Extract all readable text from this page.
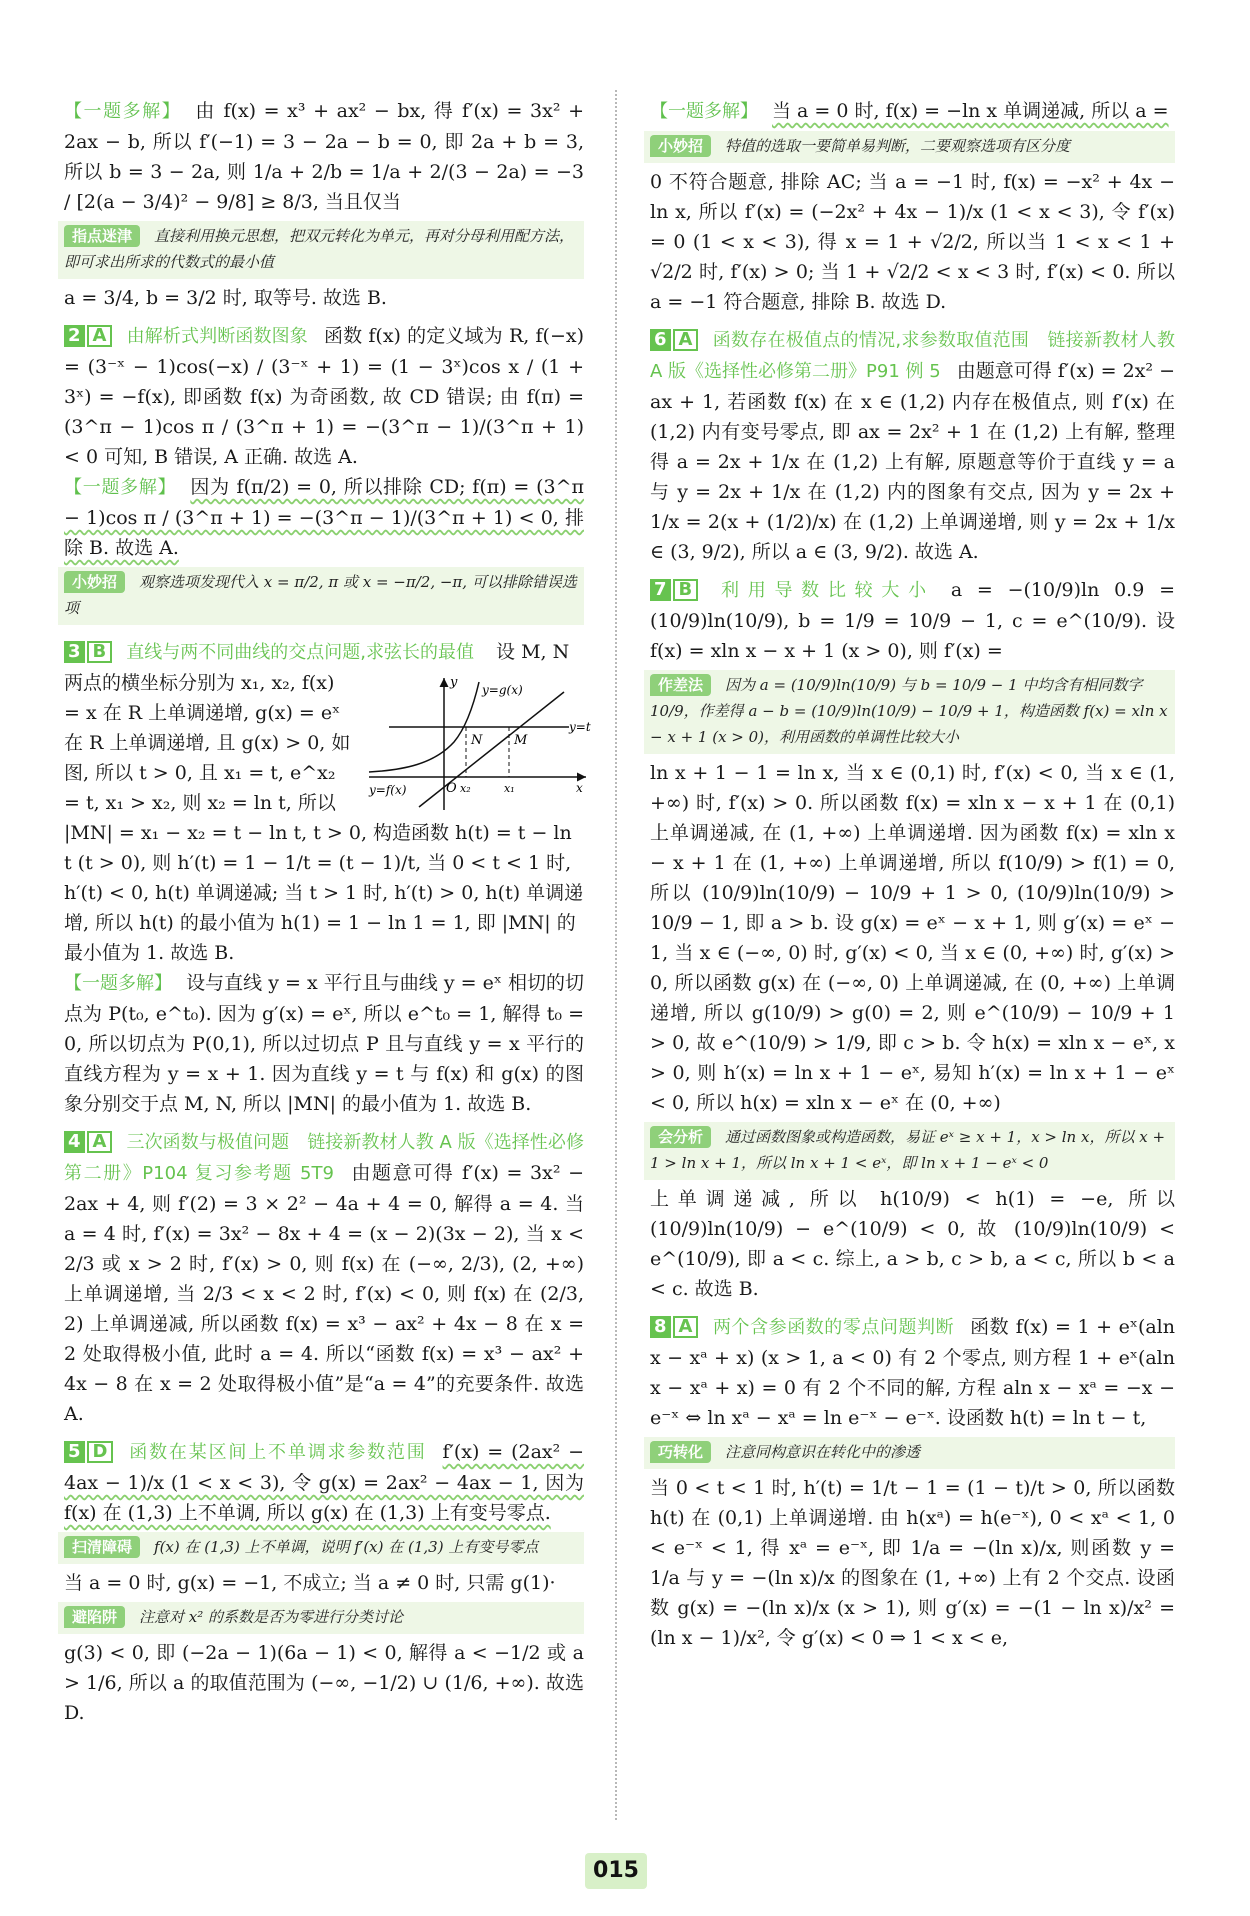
【一题多解】 由 f(x) = x³ + ax² − bx, 得 f′(x) = 3x² + 2ax − b, 所以 f′(−1) = 3 − 2a − b = 0, 即 2a + b = 3, 所以 b = 3 − 2a, 则 1/a + 2/b = 1/a + 2/(3 − 2a) = −3 / [2(a − 3/4)² − 9/8] ≥ 8/3, 当且仅当

指点迷津 直接利用换元思想，把双元转化为单元，再对分母利用配方法，即可求出所求的代数式的最小值

a = 3/4, b = 3/2 时, 取等号. 故选 B.

2 A	由解析式判断函数图象 函数 f(x) 的定义域为 R, f(−x) = (3⁻ˣ − 1)cos(−x) / (3⁻ˣ + 1) = (1 − 3ˣ)cos x / (1 + 3ˣ) = −f(x), 即函数 f(x) 为奇函数, 故 CD 错误; 由 f(π) = (3^π − 1)cos π / (3^π + 1) = −(3^π − 1)/(3^π + 1) < 0 可知, B 错误, A 正确. 故选 A.

【一题多解】 因为 f(π/2) = 0, 所以排除 CD; f(π) = (3^π − 1)cos π / (3^π + 1) = −(3^π − 1)/(3^π + 1) < 0, 排除 B. 故选 A.

小妙招 观察选项发现代入 x = π/2, π 或 x = −π/2, −π, 可以排除错误选项
3 B	直线与两不同曲线的交点问题,求弦长的最值
y y=g(x)
y=t
N M
O x₂	x₁	x
y=f(x)

设 M, N 两点的横坐标分别为 x₁, x₂, f(x) = x 在 R 上单调递增, g(x) = eˣ 在 R 上单调递增, 且 g(x) > 0, 如图, 所以 t > 0, 且 x₁ = t, e^x₂ = t, x₁ > x₂, 则 x₂ = ln t, 所以 |MN| = x₁ − x₂ = t − ln t, t > 0, 构造函数 h(t) = t − ln t (t > 0), 则 h′(t) = 1 − 1/t = (t − 1)/t, 当 0 < t < 1 时, h′(t) < 0, h(t) 单调递减; 当 t > 1 时, h′(t) > 0, h(t) 单调递增, 所以 h(t) 的最小值为 h(1) = 1 − ln 1 = 1, 即 |MN| 的最小值为 1. 故选 B.

【一题多解】 设与直线 y = x 平行且与曲线 y = eˣ 相切的切点为 P(t₀, e^t₀). 因为 g′(x) = eˣ, 所以 e^t₀ = 1, 解得 t₀ = 0, 所以切点为 P(0,1), 所以过切点 P 且与直线 y = x 平行的直线方程为 y = x + 1. 因为直线 y = t 与 f(x) 和 g(x) 的图象分别交于点 M, N, 所以 |MN| 的最小值为 1. 故选 B.

4 A	三次函数与极值问题　链接新教材人教 A 版《选择性必修第二册》P104 复习参考题 5T9 由题意可得 f′(x) = 3x² − 2ax + 4, 则 f′(2) = 3 × 2² − 4a + 4 = 0, 解得 a = 4. 当 a = 4 时, f′(x) = 3x² − 8x + 4 = (x − 2)(3x − 2), 当 x < 2/3 或 x > 2 时, f′(x) > 0, 则 f(x) 在 (−∞, 2/3), (2, +∞) 上单调递增, 当 2/3 < x < 2 时, f′(x) < 0, 则 f(x) 在 (2/3, 2) 上单调递减, 所以函数 f(x) = x³ − ax² + 4x − 8 在 x = 2 处取得极小值, 此时 a = 4. 所以“函数 f(x) = x³ − ax² + 4x − 8 在 x = 2 处取得极小值”是“a = 4”的充要条件. 故选 A.

5 D	函数在某区间上不单调求参数范围 f′(x) = (2ax² − 4ax − 1)/x (1 < x < 3), 令 g(x) = 2ax² − 4ax − 1, 因为 f(x) 在 (1,3) 上不单调, 所以 g(x) 在 (1,3) 上有变号零点.

扫清障碍 f(x) 在 (1,3) 上不单调，说明 f′(x) 在 (1,3) 上有变号零点

当 a = 0 时, g(x) = −1, 不成立; 当 a ≠ 0 时, 只需 g(1)·

避陷阱 注意对 x² 的系数是否为零进行分类讨论

g(3) < 0, 即 (−2a − 1)(6a − 1) < 0, 解得 a < −1/2 或 a > 1/6, 所以 a 的取值范围为 (−∞, −1/2) ∪ (1/6, +∞). 故选 D.

【一题多解】 当 a = 0 时, f(x) = −ln x 单调递减, 所以 a =

小妙招 特值的选取一要简单易判断，二要观察选项有区分度

0 不符合题意, 排除 AC; 当 a = −1 时, f(x) = −x² + 4x − ln x, 所以 f′(x) = (−2x² + 4x − 1)/x (1 < x < 3), 令 f′(x) = 0 (1 < x < 3), 得 x = 1 + √2/2, 所以当 1 < x < 1 + √2/2 时, f′(x) > 0; 当 1 + √2/2 < x < 3 时, f′(x) < 0. 所以 a = −1 符合题意, 排除 B. 故选 D.

6 A	函数存在极值点的情况,求参数取值范围　链接新教材人教 A 版《选择性必修第二册》P91 例 5 由题意可得 f′(x) = 2x² − ax + 1, 若函数 f(x) 在 x ∈ (1,2) 内存在极值点, 则 f′(x) 在 (1,2) 内有变号零点, 即 ax = 2x² + 1 在 (1,2) 上有解, 整理得 a = 2x + 1/x 在 (1,2) 上有解, 原题意等价于直线 y = a 与 y = 2x + 1/x 在 (1,2) 内的图象有交点, 因为 y = 2x + 1/x = 2(x + (1/2)/x) 在 (1,2) 上单调递增, 则 y = 2x + 1/x ∈ (3, 9/2), 所以 a ∈ (3, 9/2). 故选 A.

7 B	利用导数比较大小 a = −(10/9)ln 0.9 = (10/9)ln(10/9), b = 1/9 = 10/9 − 1, c = e^(10/9). 设 f(x) = xln x − x + 1 (x > 0), 则 f′(x) =

作差法 因为 a = (10/9)ln(10/9) 与 b = 10/9 − 1 中均含有相同数字 10/9，作差得 a − b = (10/9)ln(10/9) − 10/9 + 1，构造函数 f(x) = xln x − x + 1 (x > 0)，利用函数的单调性比较大小

ln x + 1 − 1 = ln x, 当 x ∈ (0,1) 时, f′(x) < 0, 当 x ∈ (1, +∞) 时, f′(x) > 0. 所以函数 f(x) = xln x − x + 1 在 (0,1) 上单调递减, 在 (1, +∞) 上单调递增. 因为函数 f(x) = xln x − x + 1 在 (1, +∞) 上单调递增, 所以 f(10/9) > f(1) = 0, 所以 (10/9)ln(10/9) − 10/9 + 1 > 0, (10/9)ln(10/9) > 10/9 − 1, 即 a > b. 设 g(x) = eˣ − x + 1, 则 g′(x) = eˣ − 1, 当 x ∈ (−∞, 0) 时, g′(x) < 0, 当 x ∈ (0, +∞) 时, g′(x) > 0, 所以函数 g(x) 在 (−∞, 0) 上单调递减, 在 (0, +∞) 上单调递增, 所以 g(10/9) > g(0) = 2, 则 e^(10/9) − 10/9 + 1 > 0, 故 e^(10/9) > 1/9, 即 c > b. 令 h(x) = xln x − eˣ, x > 0, 则 h′(x) = ln x + 1 − eˣ, 易知 h′(x) = ln x + 1 − eˣ < 0, 所以 h(x) = xln x − eˣ 在 (0, +∞)

会分析 通过函数图象或构造函数，易证 eˣ ≥ x + 1，x > ln x，所以 x + 1 > ln x + 1，所以 ln x + 1 < eˣ，即 ln x + 1 − eˣ < 0

上单调递减, 所以 h(10/9) < h(1) = −e, 所以 (10/9)ln(10/9) − e^(10/9) < 0, 故 (10/9)ln(10/9) < e^(10/9), 即 a < c. 综上, a > b, c > b, a < c, 所以 b < a < c. 故选 B.

8 A	两个含参函数的零点问题判断 函数 f(x) = 1 + eˣ(aln x − xᵃ + x) (x > 1, a < 0) 有 2 个零点, 则方程 1 + eˣ(aln x − xᵃ + x) = 0 有 2 个不同的解, 方程 aln x − xᵃ = −x − e⁻ˣ ⇔ ln xᵃ − xᵃ = ln e⁻ˣ − e⁻ˣ. 设函数 h(t) = ln t − t,

巧转化 注意同构意识在转化中的渗透

当 0 < t < 1 时, h′(t) = 1/t − 1 = (1 − t)/t > 0, 所以函数 h(t) 在 (0,1) 上单调递增. 由 h(xᵃ) = h(e⁻ˣ), 0 < xᵃ < 1, 0 < e⁻ˣ < 1, 得 xᵃ = e⁻ˣ, 即 1/a = −(ln x)/x, 则函数 y = 1/a 与 y = −(ln x)/x 的图象在 (1, +∞) 上有 2 个交点. 设函数 g(x) = −(ln x)/x (x > 1), 则 g′(x) = −(1 − ln x)/x² = (ln x − 1)/x², 令 g′(x) < 0 ⇒ 1 < x < e,

015
